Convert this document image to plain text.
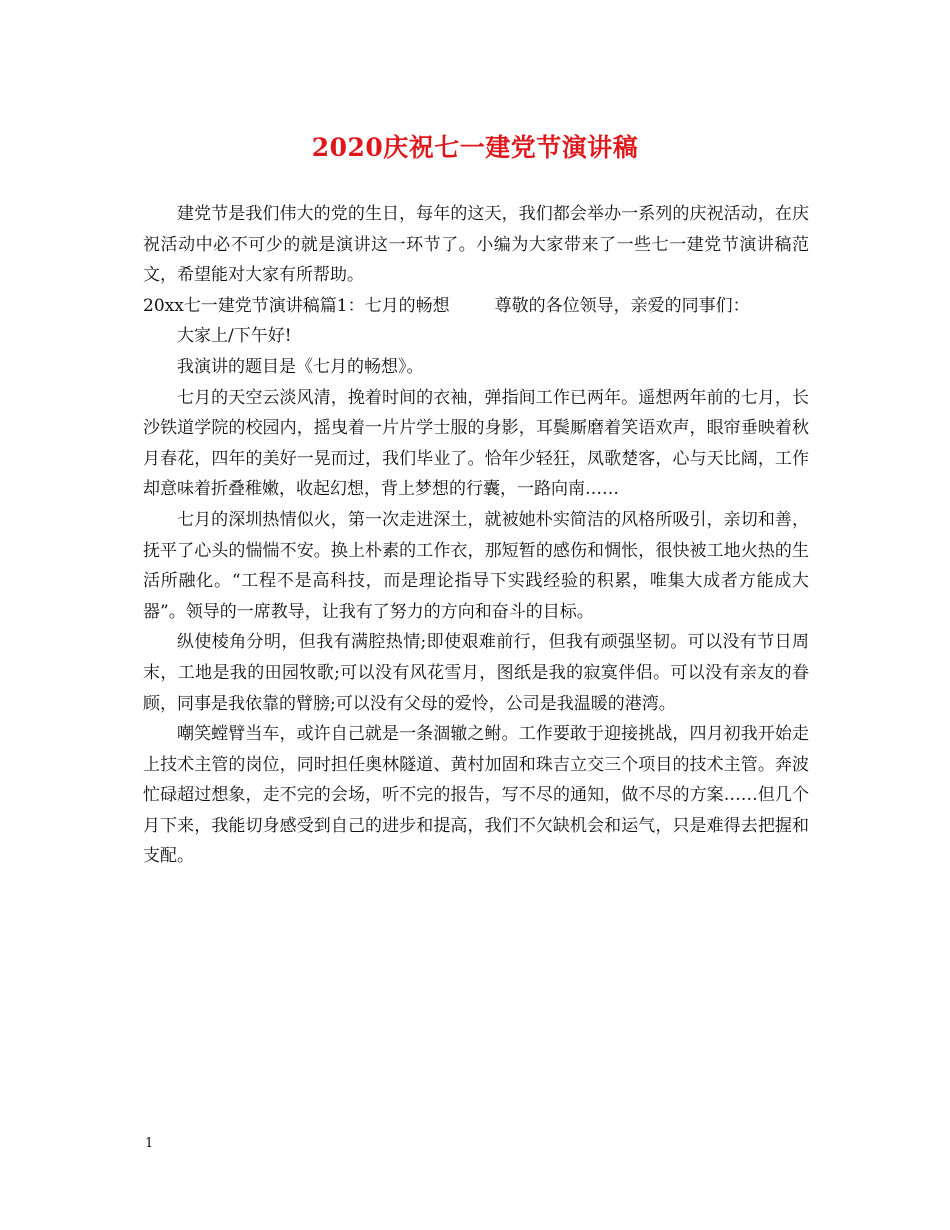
2020庆祝七一建党节演讲稿

建党节是我们伟大的党的生日，每年的这天，我们都会举办一系列的庆祝活动，在庆祝活动中必不可少的就是演讲这一环节了。小编为大家带来了一些七一建党节演讲稿范文，希望能对大家有所帮助。

20xx七一建党节演讲稿篇1：七月的畅想	尊敬的各位领导，亲爱的同事们：

大家上/下午好!

我演讲的题目是《七月的畅想》。

七月的天空云淡风清，挽着时间的衣袖，弹指间工作已两年。遥想两年前的七月，长沙铁道学院的校园内，摇曳着一片片学士服的身影，耳鬓厮磨着笑语欢声，眼帘垂映着秋月春花，四年的美好一晃而过，我们毕业了。恰年少轻狂，凤歌楚客，心与天比阔，工作却意味着折叠稚嫩，收起幻想，背上梦想的行囊，一路向南……

七月的深圳热情似火，第一次走进深土，就被她朴实简洁的风格所吸引，亲切和善，抚平了心头的惴惴不安。换上朴素的工作衣，那短暂的感伤和惆怅，很快被工地火热的生活所融化。“工程不是高科技，而是理论指导下实践经验的积累，唯集大成者方能成大器”。领导的一席教导，让我有了努力的方向和奋斗的目标。

纵使棱角分明，但我有满腔热情;即使艰难前行，但我有顽强坚韧。可以没有节日周末，工地是我的田园牧歌;可以没有风花雪月，图纸是我的寂寞伴侣。可以没有亲友的眷顾，同事是我依靠的臂膀;可以没有父母的爱怜，公司是我温暖的港湾。

嘲笑螳臂当车，或许自己就是一条涸辙之鲋。工作要敢于迎接挑战，四月初我开始走上技术主管的岗位，同时担任奥林隧道、黄村加固和珠吉立交三个项目的技术主管。奔波忙碌超过想象，走不完的会场，听不完的报告，写不尽的通知，做不尽的方案……但几个月下来，我能切身感受到自己的进步和提高，我们不欠缺机会和运气，只是难得去把握和支配。

1
